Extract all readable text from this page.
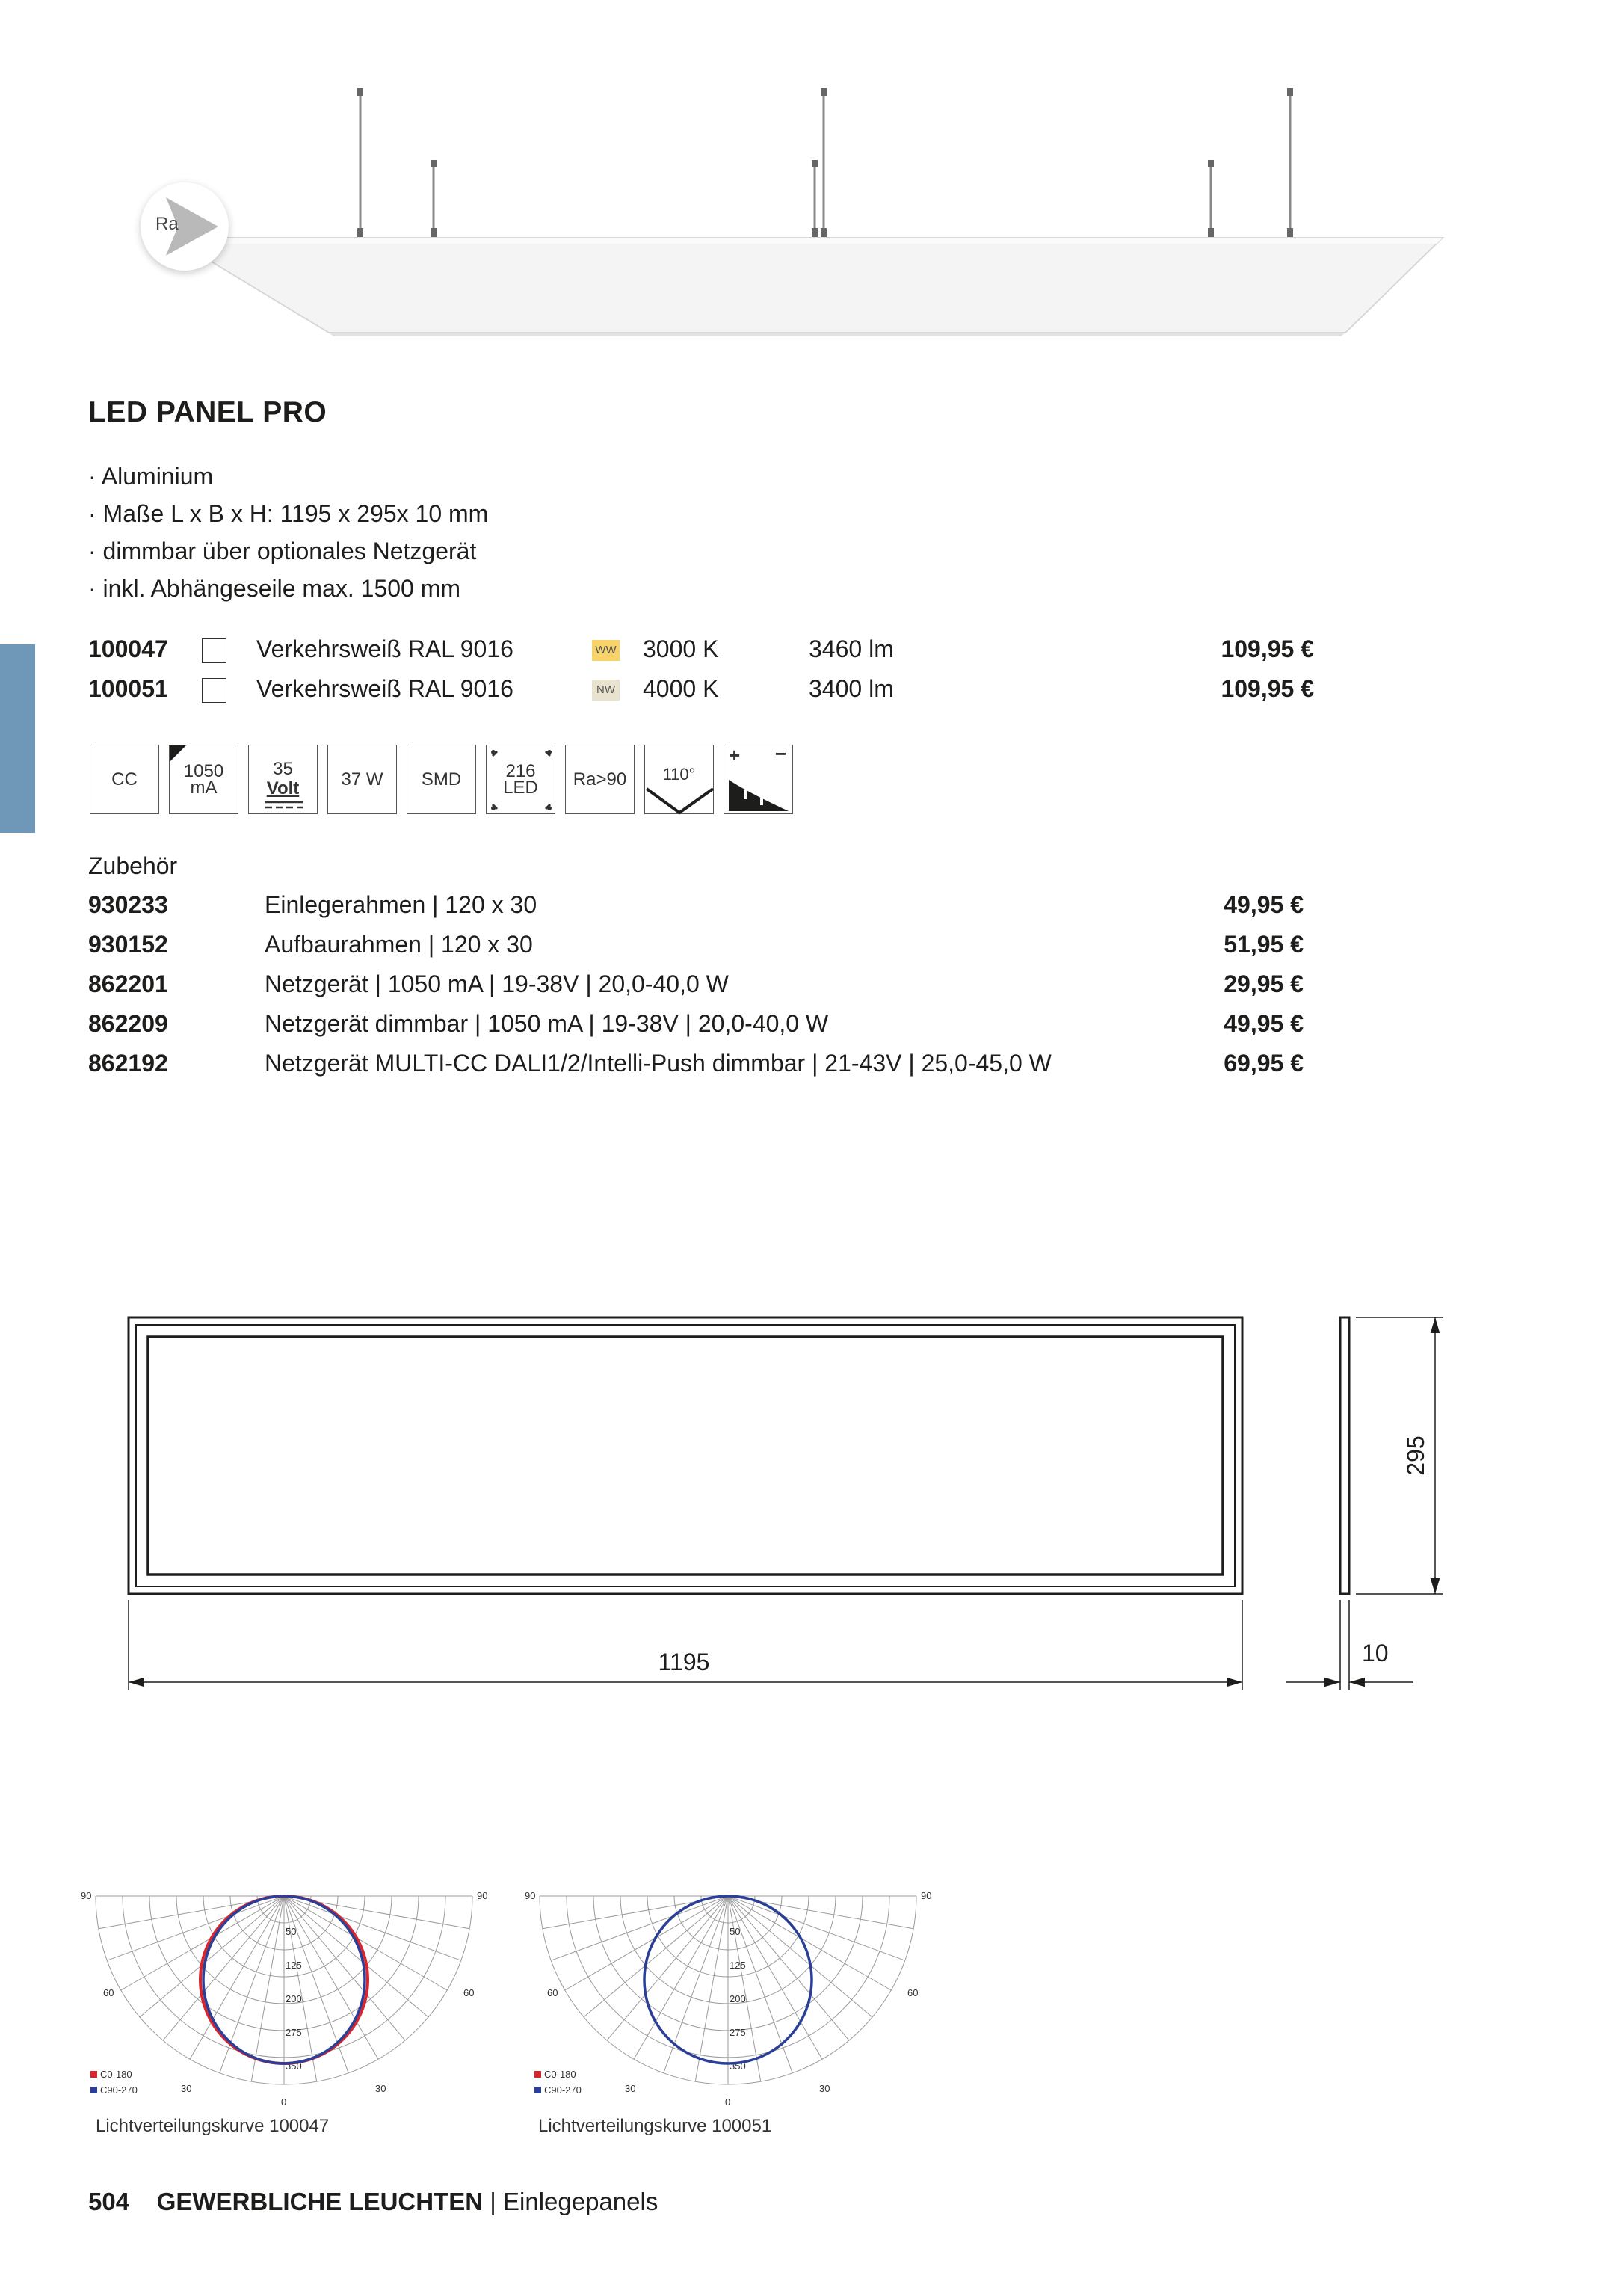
Ra
LED PANEL PRO
· Aluminium
· Maße L x B x H: 1195 x 295x 10 mm
· dimmbar über optionales Netzgerät
· inkl. Abhängeseile max. 1500 mm
100047	Verkehrsweiß RAL 9016	WW 3000 K	3460 lm	109,95 €
100051	Verkehrsweiß RAL 9016	NW 4000 K	3400 lm	109,95 €
CC	1050
mA
35
Volt	37 W	SMD	216
LED	Ra>90	110°
+ −
Zubehör
930233	Einlegerahmen | 120 x 30	49,95 €
930152	Aufbaurahmen | 120 x 30	51,95 €
862201	Netzgerät | 1050 mA | 19-38V | 20,0-40,0 W	29,95 €
862209	Netzgerät dimmbar | 1050 mA | 19-38V | 20,0-40,0 W	49,95 €
862192	Netzgerät MULTI-CC DALI1/2/Intelli-Push dimmbar | 21-43V | 25,0-45,0 W	69,95 €
1195
295
10
90	90
60	60
30	30
0
50
125
200
275
350
C0-180
C90-270
90	90
60	60
30	30
0
50
125
200
275
350
C0-180
C90-270
Lichtverteilungskurve 100047	Lichtverteilungskurve 100051
504 GEWERBLICHE LEUCHTEN | Einlegepanels
